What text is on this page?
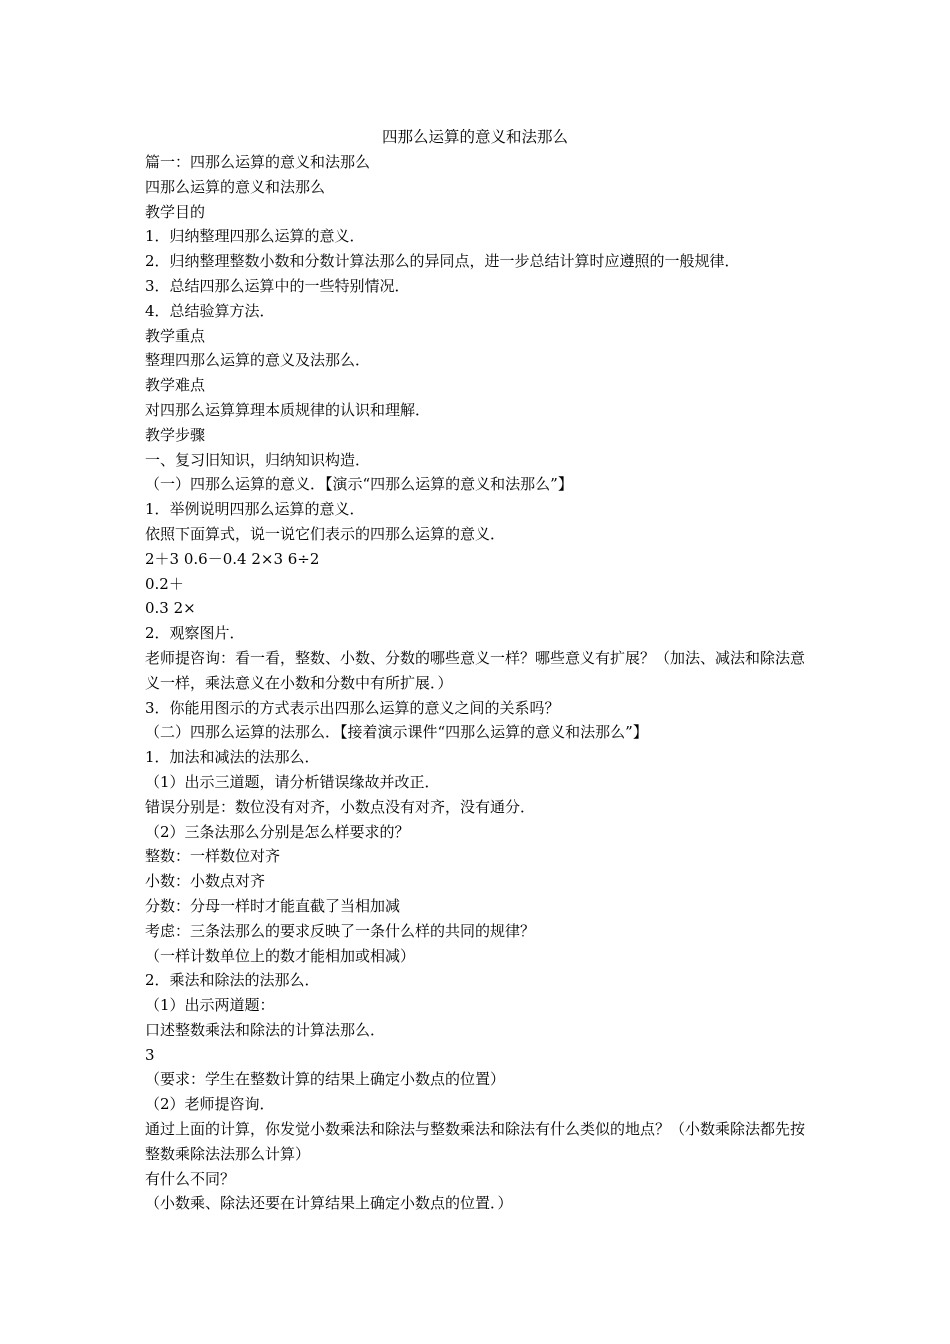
四那么运算的意义和法那么
篇一：四那么运算的意义和法那么
四那么运算的意义和法那么
教学目的
1．归纳整理四那么运算的意义．
2．归纳整理整数小数和分数计算法那么的异同点，进一步总结计算时应遵照的一般规律．
3．总结四那么运算中的一些特别情况．
4．总结验算方法．
教学重点
整理四那么运算的意义及法那么．
教学难点
对四那么运算算理本质规律的认识和理解．
教学步骤
一、复习旧知识，归纳知识构造．
（一）四那么运算的意义．【演示“四那么运算的意义和法那么”】
1．举例说明四那么运算的意义．
依照下面算式，说一说它们表示的四那么运算的意义．
2＋3 0.6－0.4 2×3 6÷2
0.2＋
0.3 2×
2．观察图片．
老师提咨询：看一看，整数、小数、分数的哪些意义一样？哪些意义有扩展？（加法、减法和除法意义一样，乘法意义在小数和分数中有所扩展．）
3．你能用图示的方式表示出四那么运算的意义之间的关系吗？
（二）四那么运算的法那么．【接着演示课件“四那么运算的意义和法那么”】
1．加法和减法的法那么．
（1）出示三道题，请分析错误缘故并改正．
错误分别是：数位没有对齐，小数点没有对齐，没有通分．
（2）三条法那么分别是怎么样要求的？
整数：一样数位对齐
小数：小数点对齐
分数：分母一样时才能直截了当相加减
考虑：三条法那么的要求反映了一条什么样的共同的规律？
（一样计数单位上的数才能相加或相减）
2．乘法和除法的法那么．
（1）出示两道题：
口述整数乘法和除法的计算法那么．
3
（要求：学生在整数计算的结果上确定小数点的位置）
（2）老师提咨询．
通过上面的计算，你发觉小数乘法和除法与整数乘法和除法有什么类似的地点？（小数乘除法都先按整数乘除法法那么计算）
有什么不同？
（小数乘、除法还要在计算结果上确定小数点的位置．）
